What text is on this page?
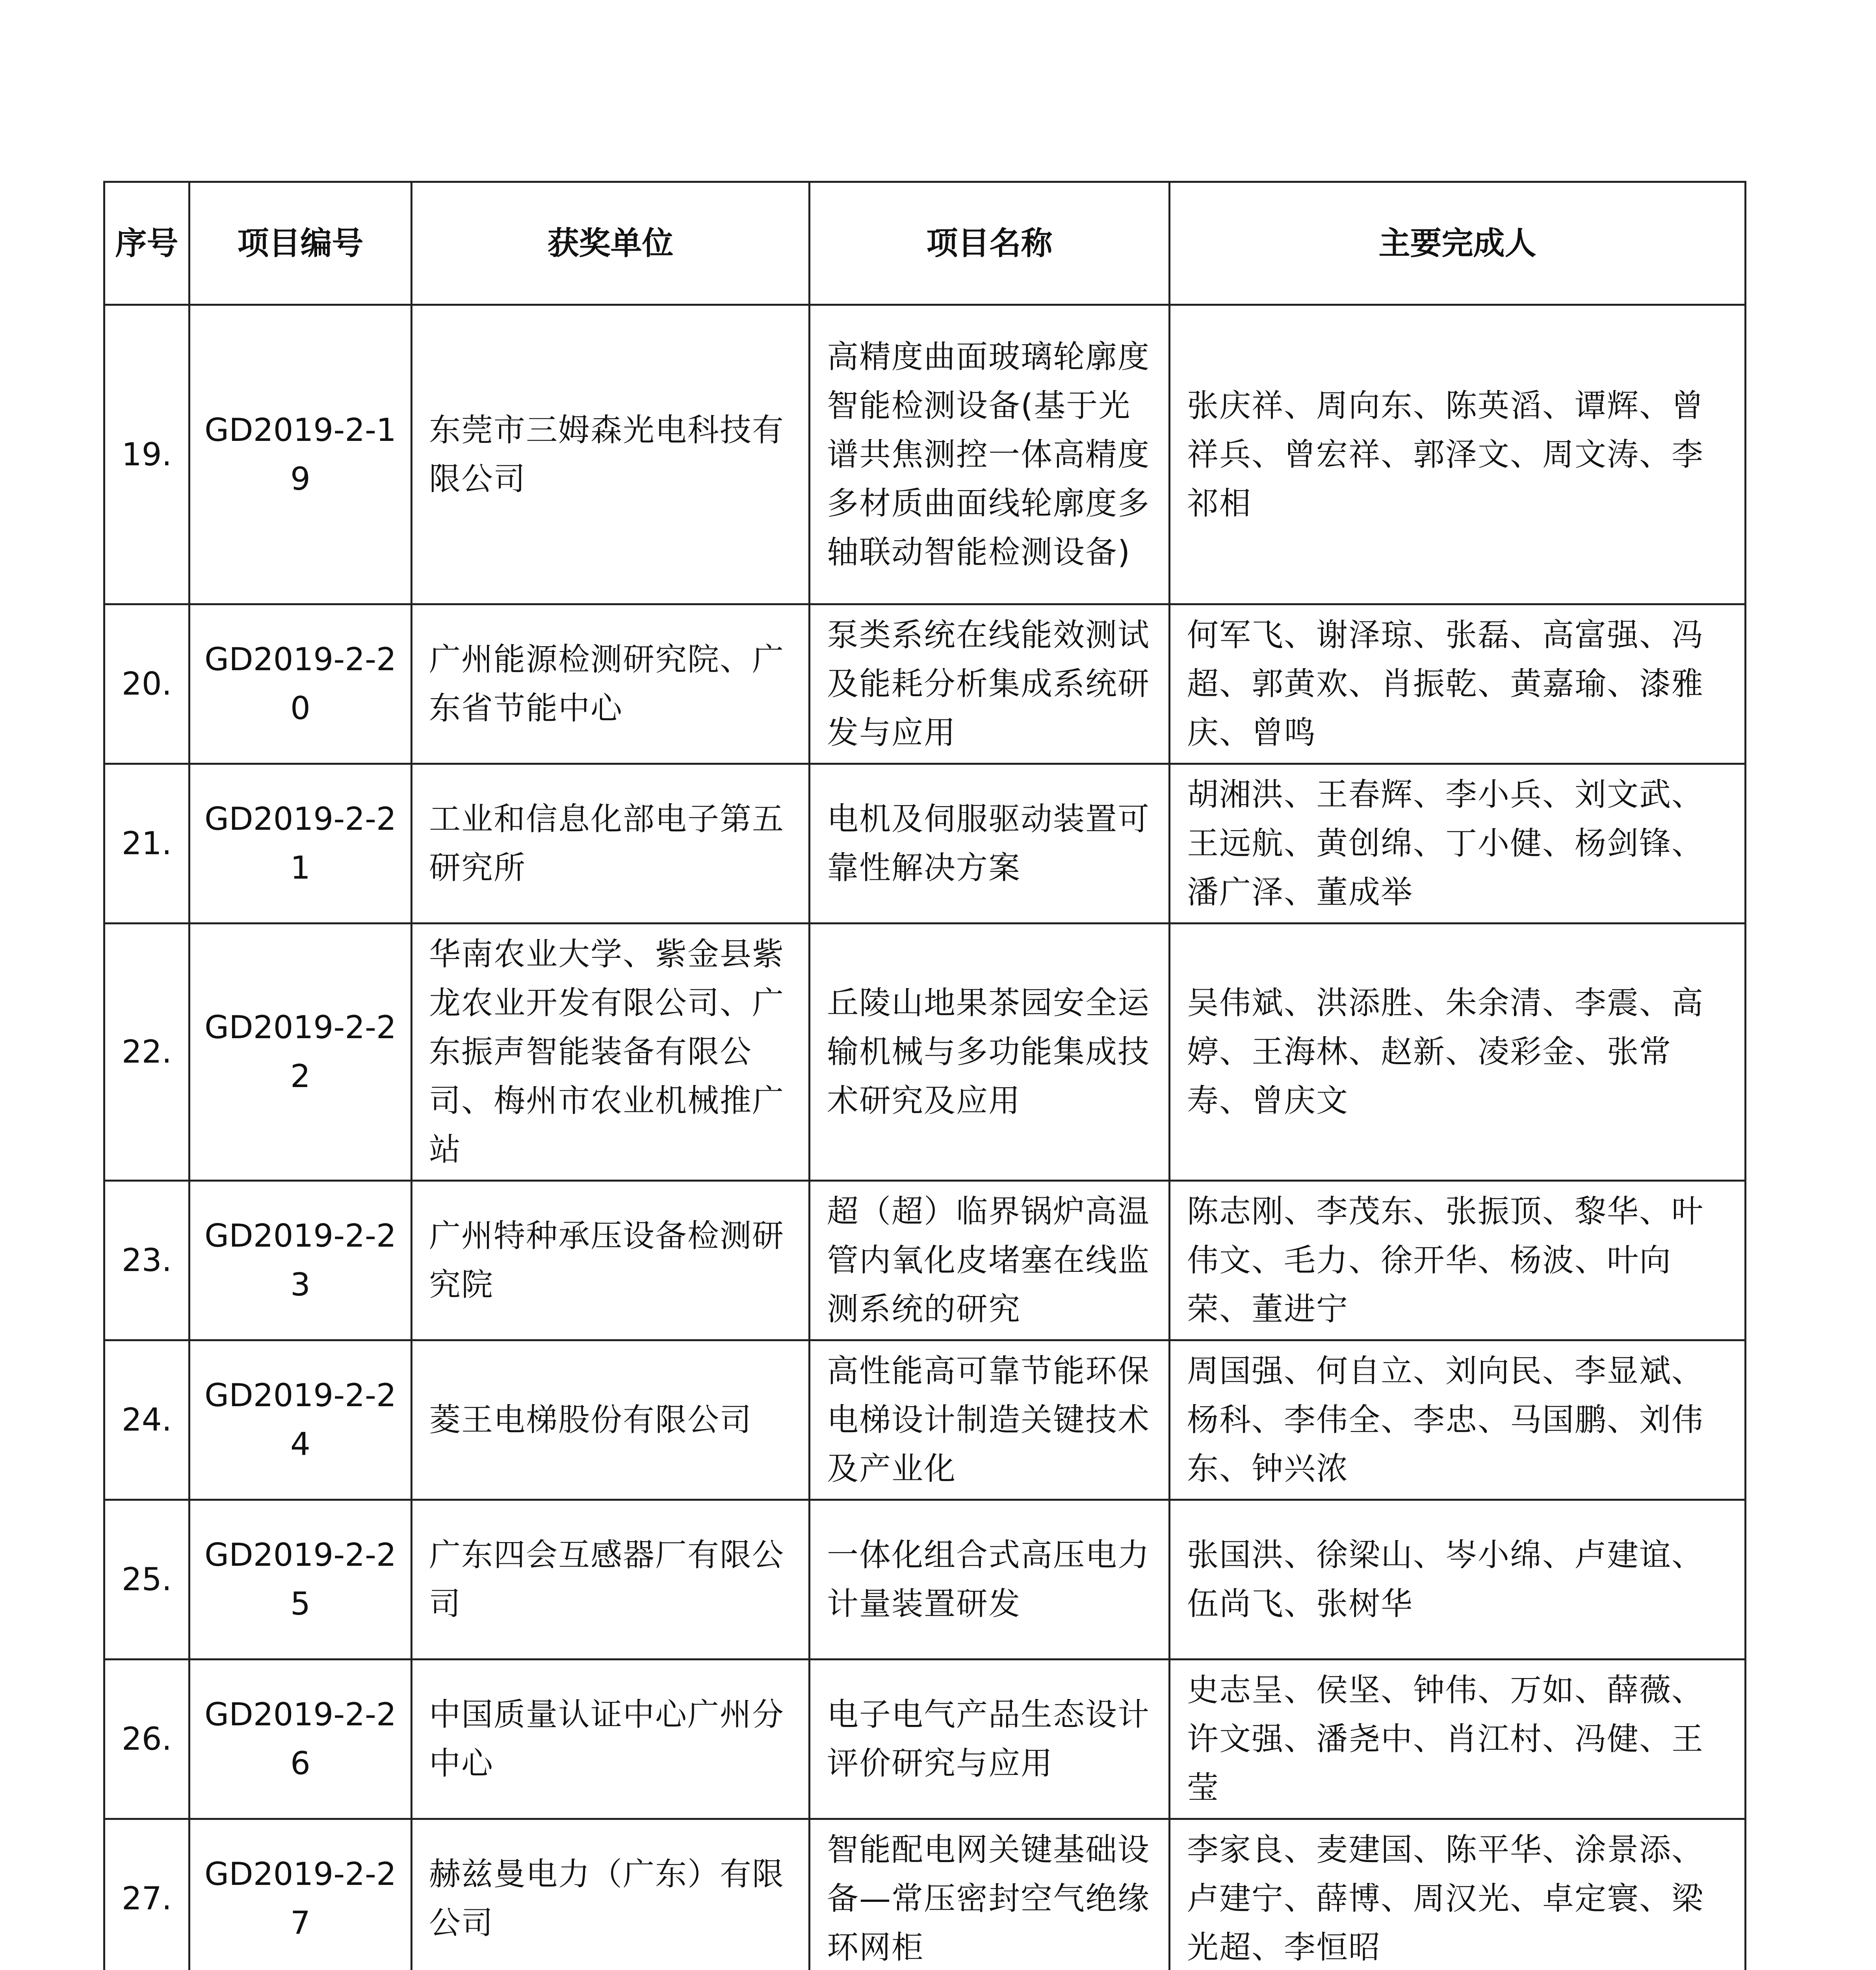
序号	项目编号	获奖单位	项目名称	主要完成人
19.	GD2019-2-19	东莞市三姆森光电科技有限公司	高精度曲面玻璃轮廓度智能检测设备(基于光谱共焦测控一体高精度多材质曲面线轮廓度多轴联动智能检测设备)	张庆祥、周向东、陈英滔、谭辉、曾祥兵、曾宏祥、郭泽文、周文涛、李祁相
20.	GD2019-2-20	广州能源检测研究院、广东省节能中心	泵类系统在线能效测试及能耗分析集成系统研发与应用	何军飞、谢泽琼、张磊、高富强、冯超、郭黄欢、肖振乾、黄嘉瑜、漆雅庆、曾鸣
21.	GD2019-2-21	工业和信息化部电子第五研究所	电机及伺服驱动装置可靠性解决方案	胡湘洪、王春辉、李小兵、刘文武、王远航、黄创绵、丁小健、杨剑锋、潘广泽、董成举
22.	GD2019-2-22	华南农业大学、紫金县紫龙农业开发有限公司、广东振声智能装备有限公司、梅州市农业机械推广站	丘陵山地果茶园安全运输机械与多功能集成技术研究及应用	吴伟斌、洪添胜、朱余清、李震、高婷、王海林、赵新、凌彩金、张常寿、曾庆文
23.	GD2019-2-23	广州特种承压设备检测研究院	超（超）临界锅炉高温管内氧化皮堵塞在线监测系统的研究	陈志刚、李茂东、张振顶、黎华、叶伟文、毛力、徐开华、杨波、叶向荣、董进宁
24.	GD2019-2-24	菱王电梯股份有限公司	高性能高可靠节能环保电梯设计制造关键技术及产业化	周国强、何自立、刘向民、李显斌、杨科、李伟全、李忠、马国鹏、刘伟东、钟兴浓
25.	GD2019-2-25	广东四会互感器厂有限公司	一体化组合式高压电力计量装置研发	张国洪、徐梁山、岑小绵、卢建谊、伍尚飞、张树华
26.	GD2019-2-26	中国质量认证中心广州分中心	电子电气产品生态设计评价研究与应用	史志呈、侯坚、钟伟、万如、薛薇、许文强、潘尧中、肖江村、冯健、王莹
27.	GD2019-2-27	赫兹曼电力（广东）有限公司	智能配电网关键基础设备—常压密封空气绝缘环网柜	李家良、麦建国、陈平华、涂景添、卢建宁、薛博、周汉光、卓定寰、梁光超、李恒昭
